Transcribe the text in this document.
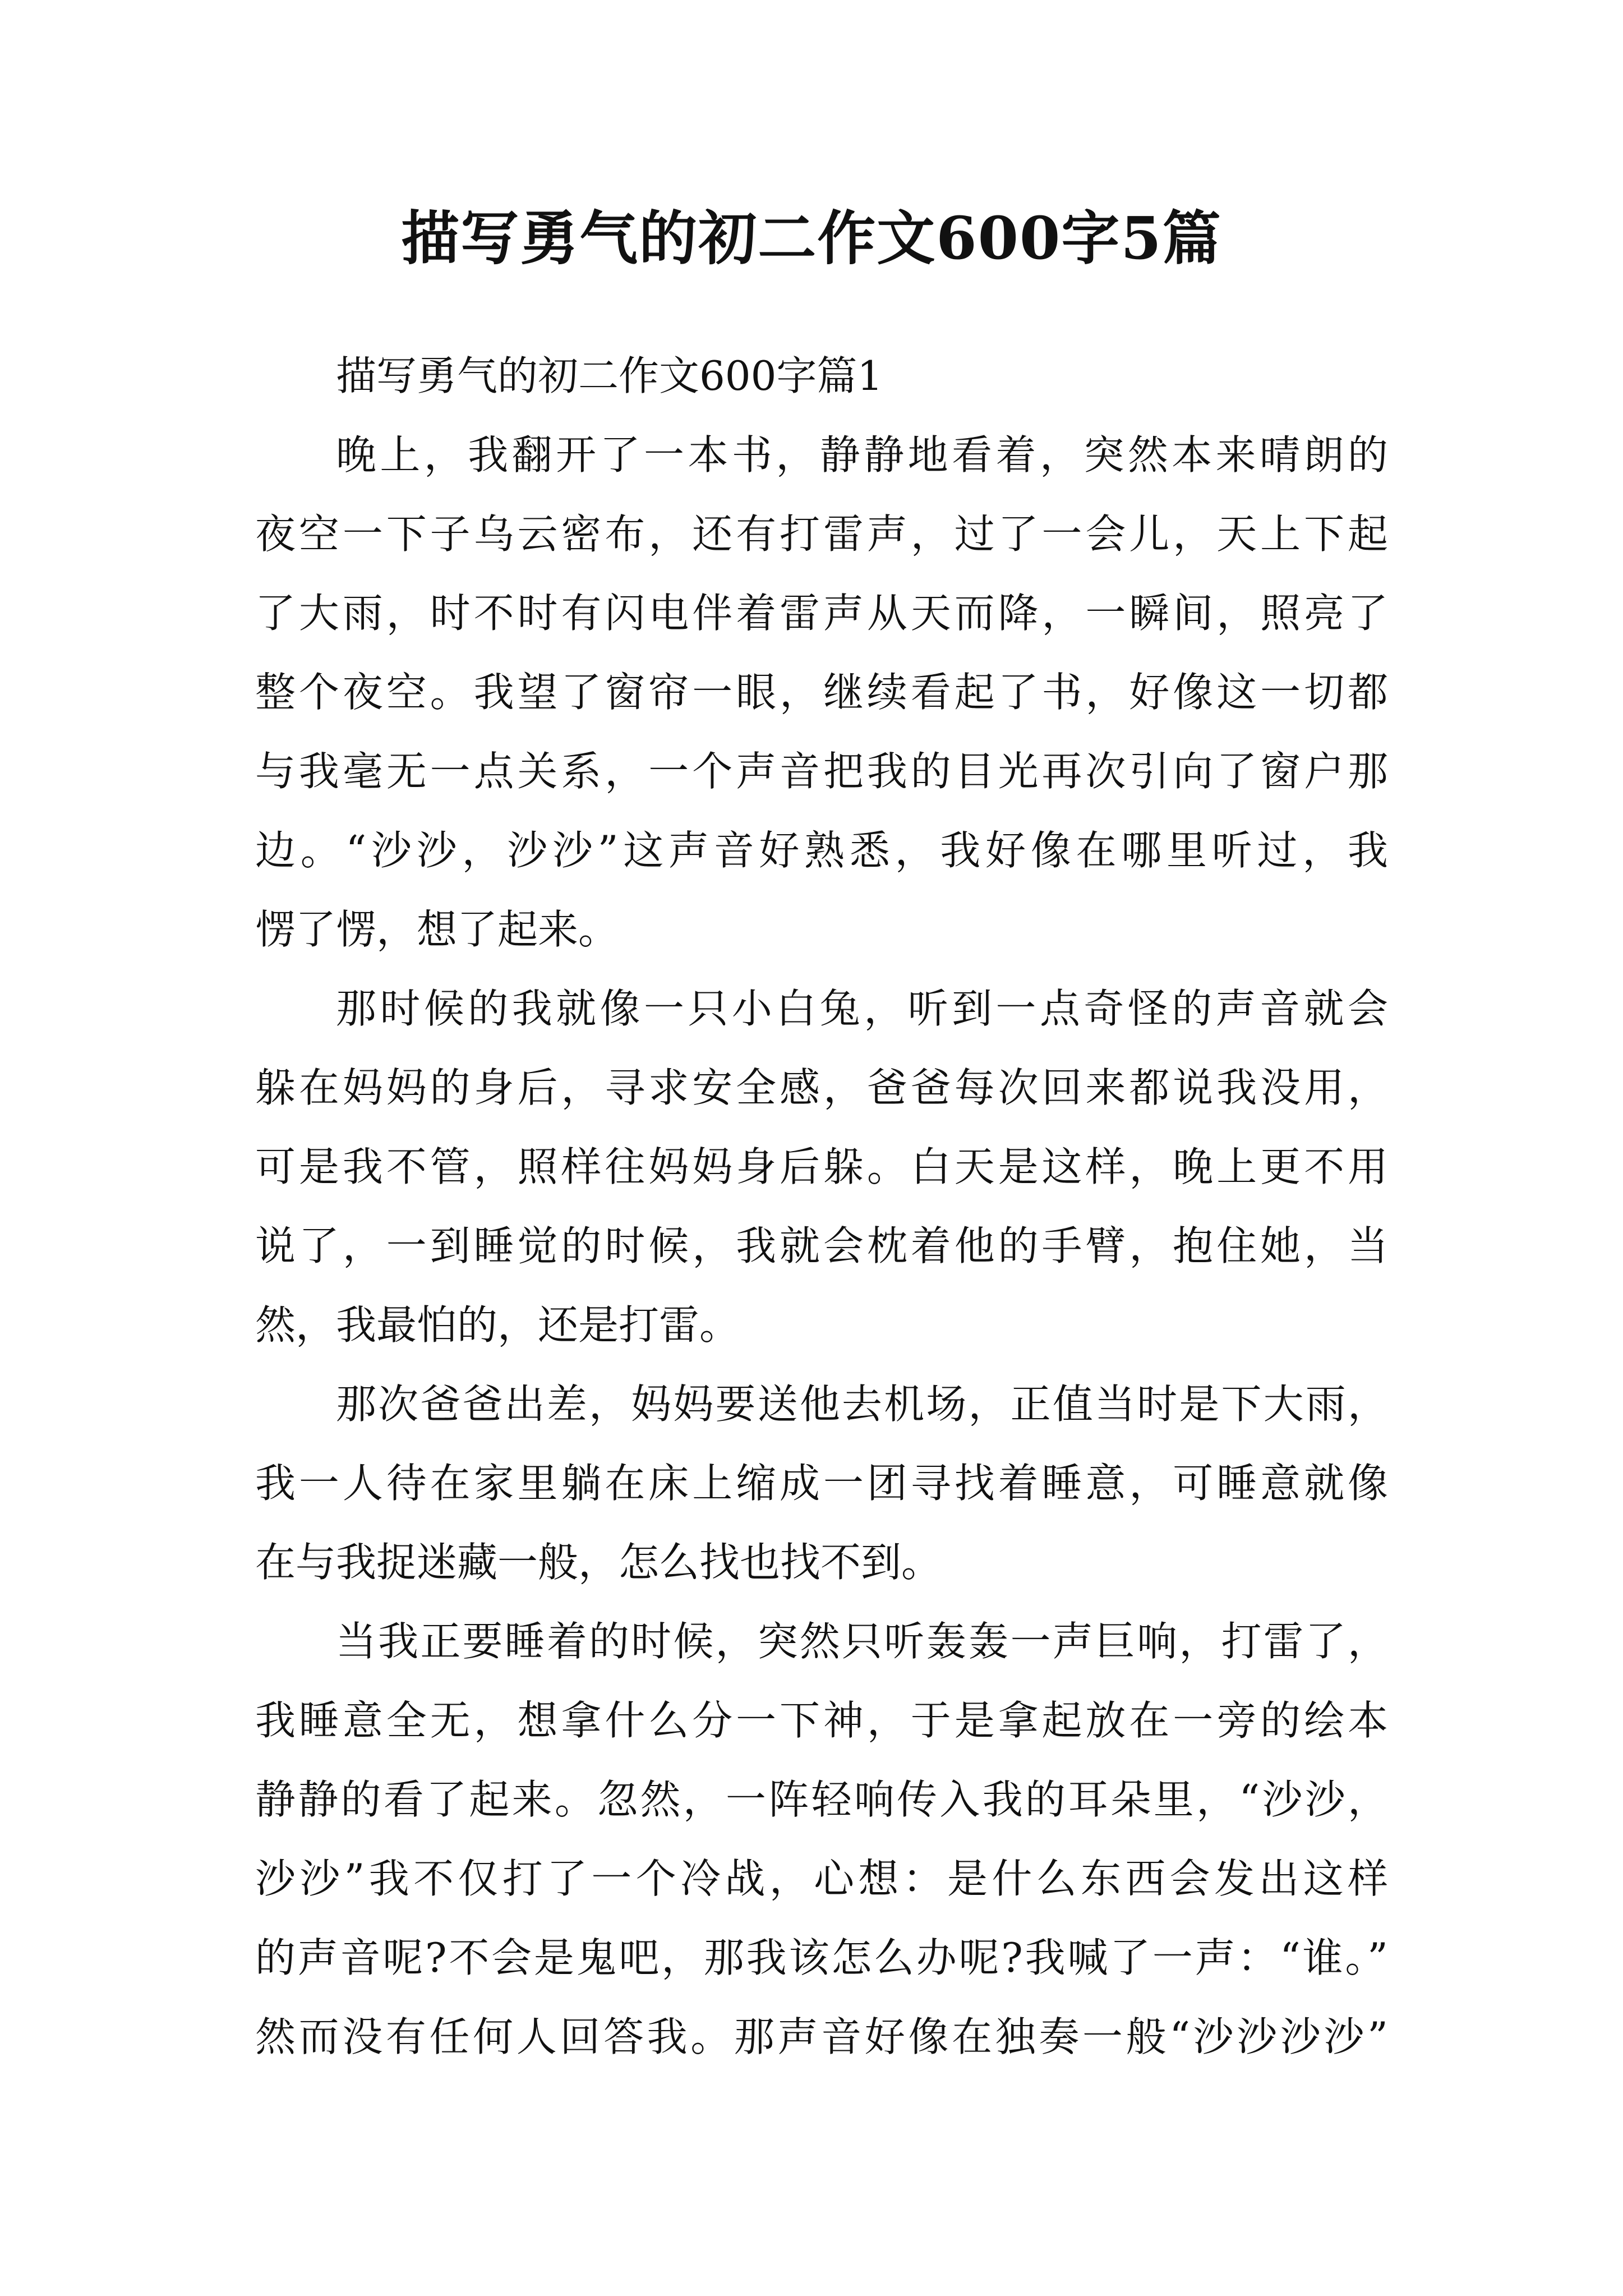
描写勇气的初二作文600字5篇
描写勇气的初二作文600字篇1
晚上，我翻开了一本书，静静地看着，突然本来晴朗的
夜空一下子乌云密布，还有打雷声，过了一会儿，天上下起
了大雨，时不时有闪电伴着雷声从天而降，一瞬间，照亮了
整个夜空。我望了窗帘一眼，继续看起了书，好像这一切都
与我毫无一点关系，一个声音把我的目光再次引向了窗户那
边。“沙沙，沙沙”这声音好熟悉，我好像在哪里听过，我
愣了愣，想了起来。
那时候的我就像一只小白兔，听到一点奇怪的声音就会
躲在妈妈的身后，寻求安全感，爸爸每次回来都说我没用，
可是我不管，照样往妈妈身后躲。白天是这样，晚上更不用
说了，一到睡觉的时候，我就会枕着他的手臂，抱住她，当
然，我最怕的，还是打雷。
那次爸爸出差，妈妈要送他去机场，正值当时是下大雨，
我一人待在家里躺在床上缩成一团寻找着睡意，可睡意就像
在与我捉迷藏一般，怎么找也找不到。
当我正要睡着的时候，突然只听轰轰一声巨响，打雷了，
我睡意全无，想拿什么分一下神，于是拿起放在一旁的绘本
静静的看了起来。忽然，一阵轻响传入我的耳朵里，“沙沙，
沙沙”我不仅打了一个冷战，心想：是什么东西会发出这样
的声音呢?不会是鬼吧，那我该怎么办呢?我喊了一声：“谁。”
然而没有任何人回答我。那声音好像在独奏一般“沙沙沙沙”
